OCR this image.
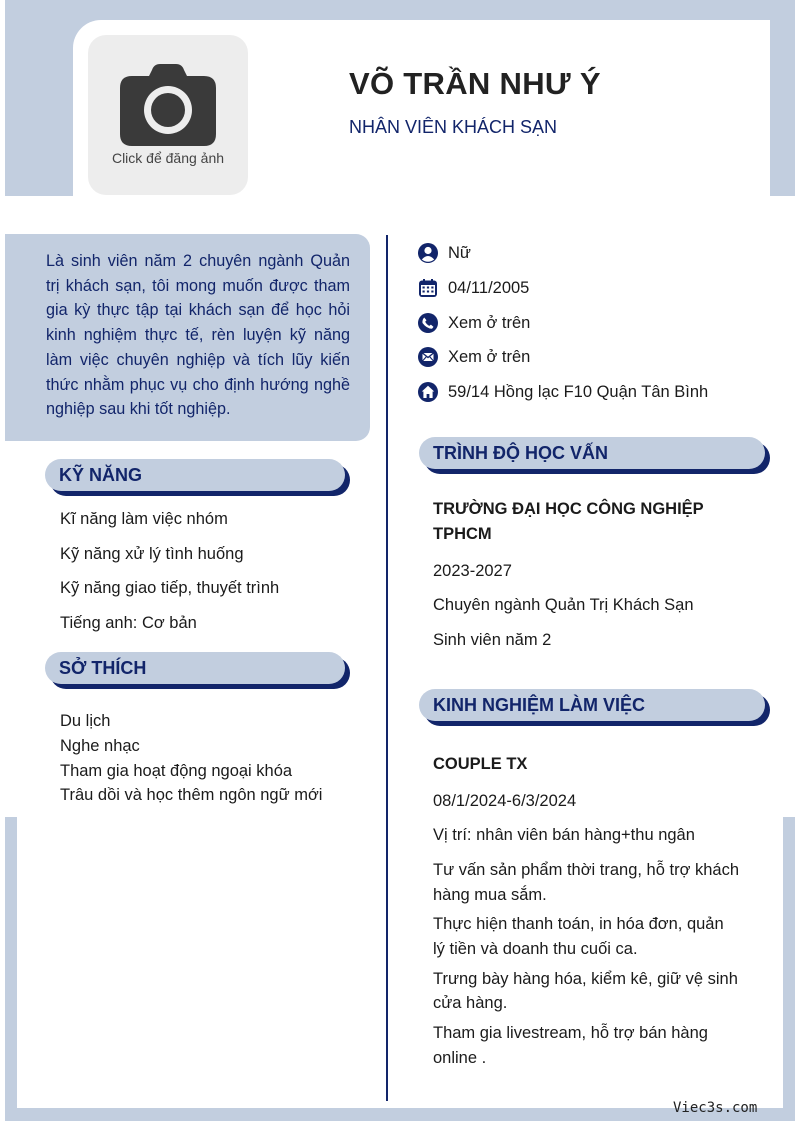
Click để đăng ảnh
VÕ TRẦN NHƯ Ý
NHÂN VIÊN KHÁCH SẠN
Là sinh viên năm 2 chuyên ngành Quản trị khách sạn, tôi mong muốn được tham gia kỳ thực tập tại khách sạn để học hỏi kinh nghiệm thực tế, rèn luyện kỹ năng làm việc chuyên nghiệp và tích lũy kiến thức nhằm phục vụ cho định hướng nghề nghiệp sau khi tốt nghiệp.
Nữ
04/11/2005
Xem ở trên
Xem ở trên
59/14 Hồng lạc F10 Quận Tân Bình
KỸ NĂNG
Kĩ năng làm việc nhóm
Kỹ năng xử lý tình huống
Kỹ năng giao tiếp, thuyết trình
Tiếng anh: Cơ bản
SỞ THÍCH
Du lịch
Nghe nhạc
Tham gia hoạt động ngoại khóa
Trâu dồi và học thêm ngôn ngữ mới
TRÌNH ĐỘ HỌC VẤN
TRƯỜNG ĐẠI HỌC CÔNG NGHIỆP
TPHCM
2023-2027
Chuyên ngành Quản Trị Khách Sạn
Sinh viên năm 2
KINH NGHIỆM LÀM VIỆC
COUPLE TX
08/1/2024-6/3/2024
Vị trí: nhân viên bán hàng+thu ngân
Tư vấn sản phẩm thời trang, hỗ trợ khách
hàng mua sắm.
Thực hiện thanh toán, in hóa đơn, quản
lý tiền và doanh thu cuối ca.
Trưng bày hàng hóa, kiểm kê, giữ vệ sinh
cửa hàng.
Tham gia livestream, hỗ trợ bán hàng
online .
Viec3s.com
